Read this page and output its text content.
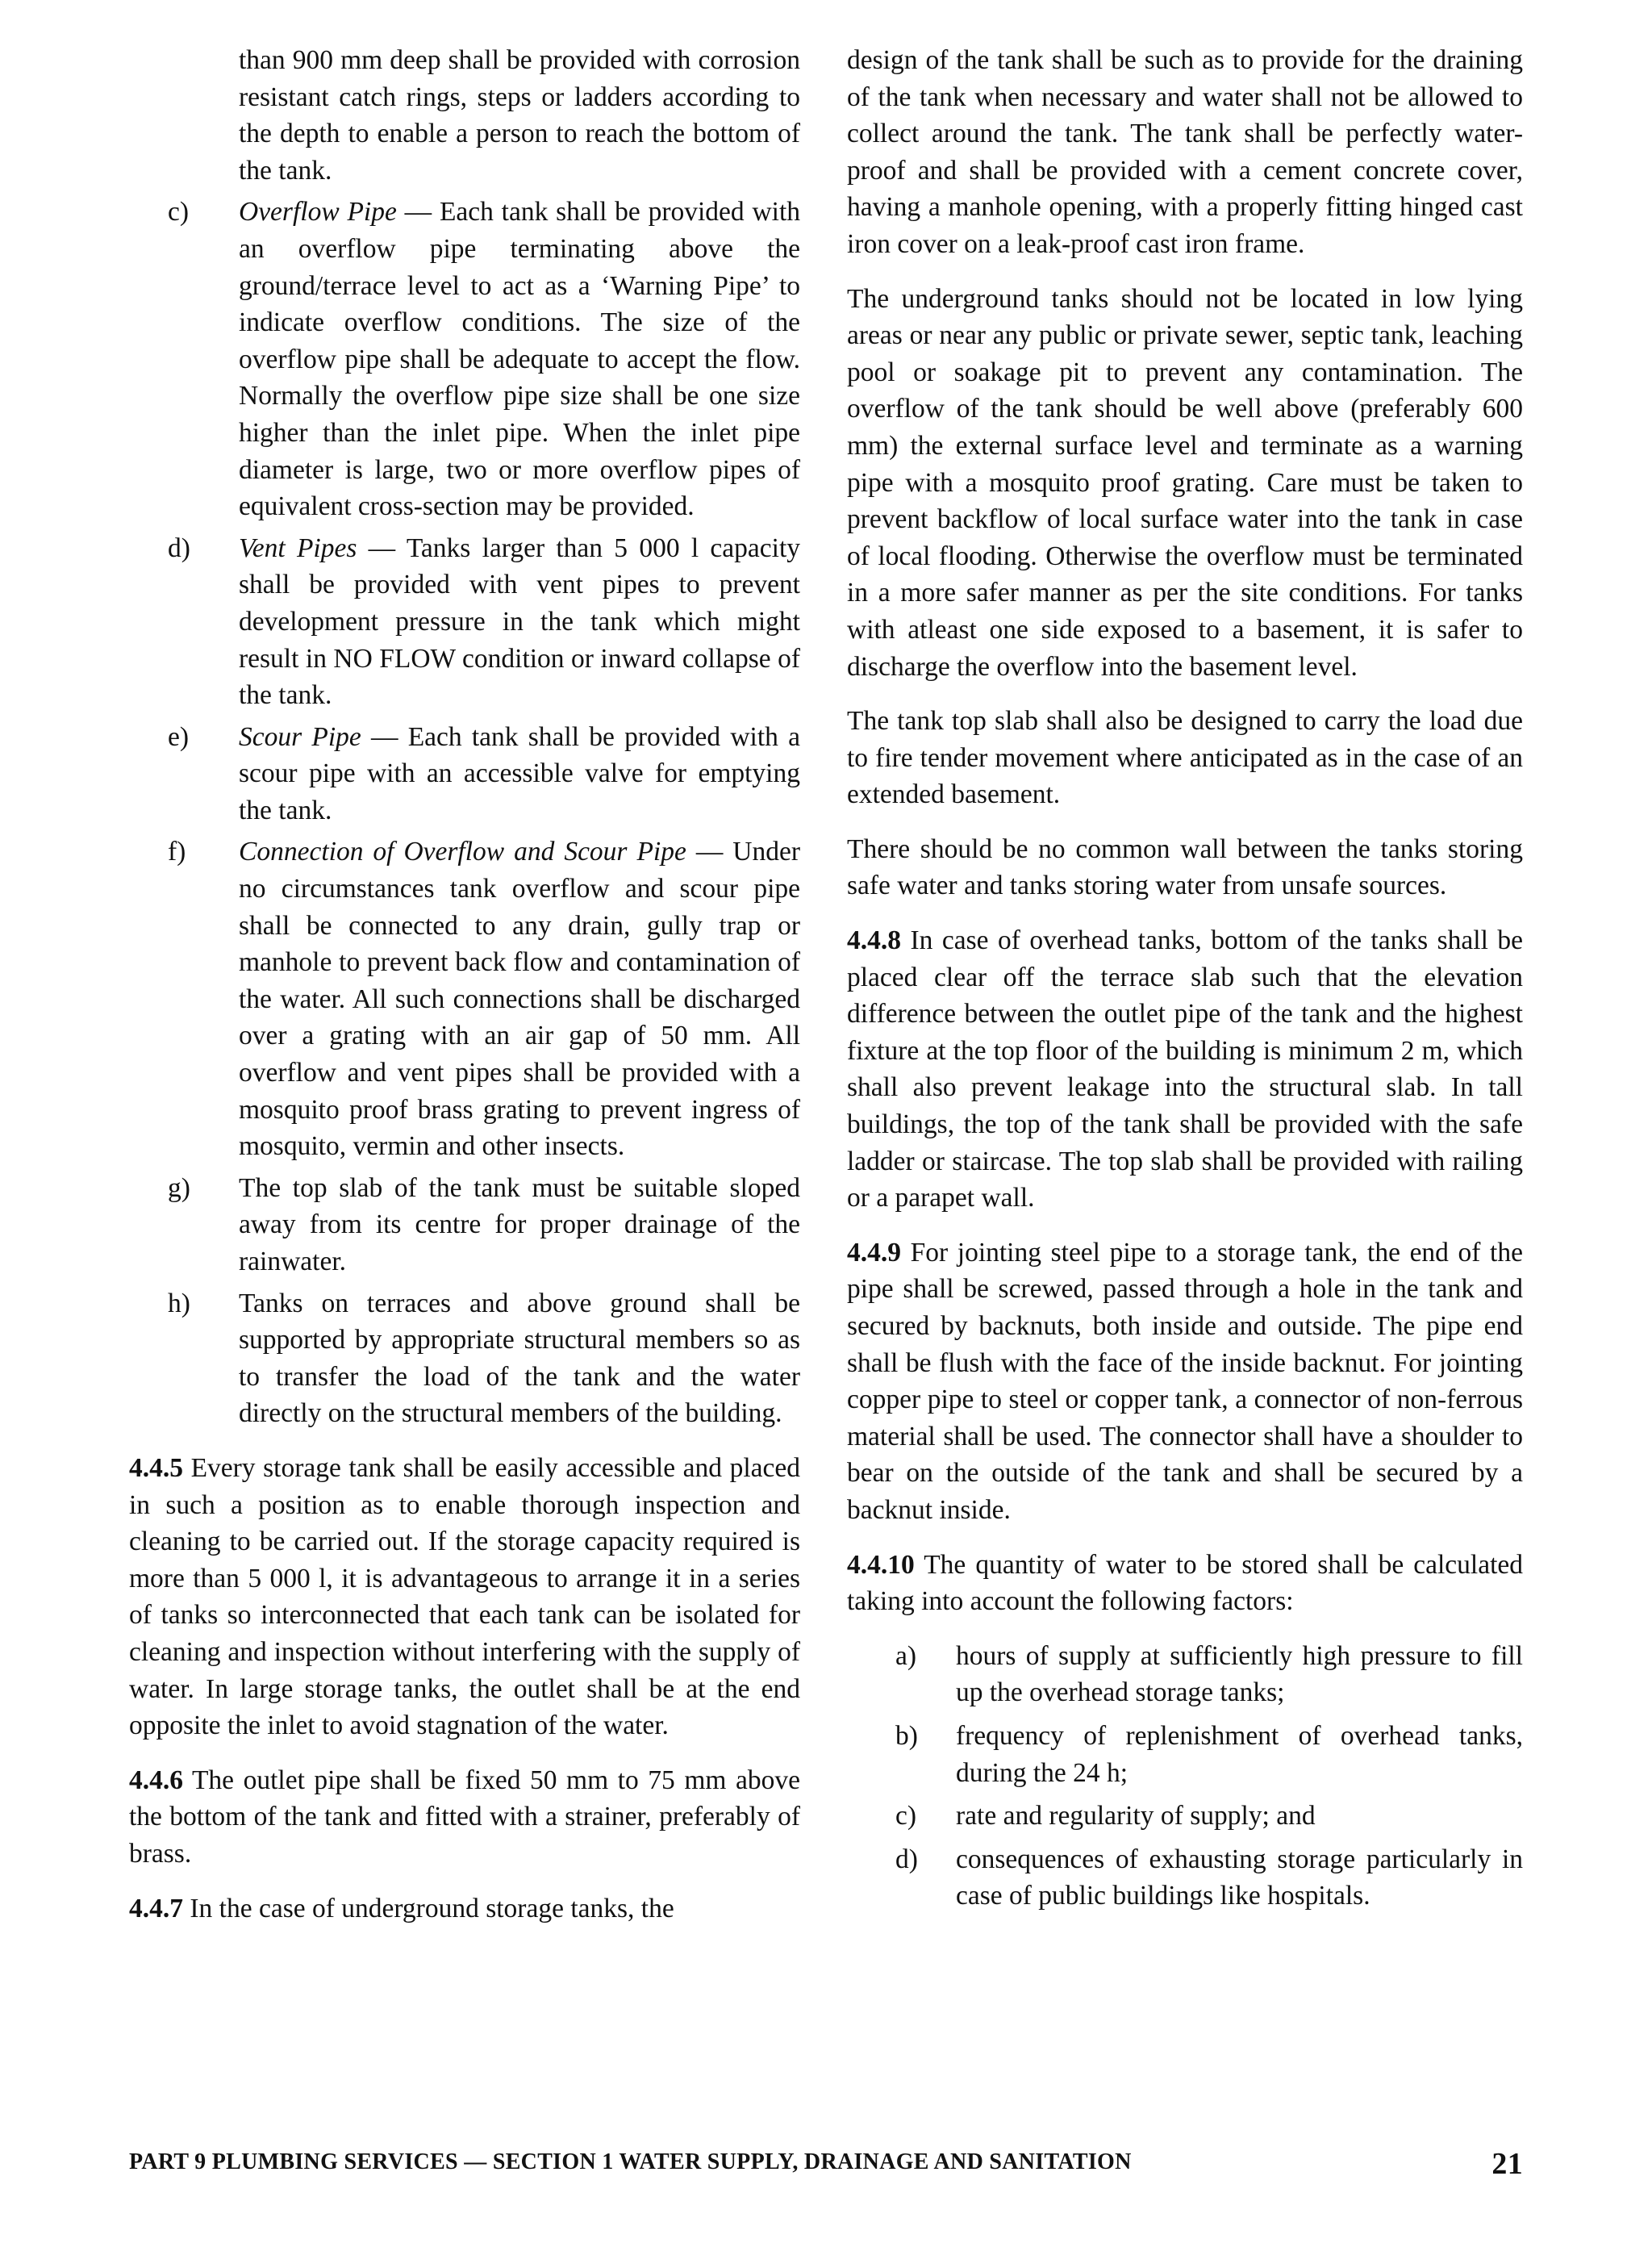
than 900 mm deep shall be provided with corrosion resistant catch rings, steps or ladders according to the depth to enable a person to reach the bottom of the tank.

c) Overflow Pipe — Each tank shall be provided with an overflow pipe terminating above the ground/terrace level to act as a ‘Warning Pipe’ to indicate overflow conditions. The size of the overflow pipe shall be adequate to accept the flow. Normally the overflow pipe size shall be one size higher than the inlet pipe. When the inlet pipe diameter is large, two or more overflow pipes of equivalent cross-section may be provided.

d) Vent Pipes — Tanks larger than 5 000 l capacity shall be provided with vent pipes to prevent development pressure in the tank which might result in NO FLOW condition or inward collapse of the tank.

e) Scour Pipe — Each tank shall be provided with a scour pipe with an accessible valve for emptying the tank.

f) Connection of Overflow and Scour Pipe — Under no circumstances tank overflow and scour pipe shall be connected to any drain, gully trap or manhole to prevent back flow and contamination of the water. All such connections shall be discharged over a grating with an air gap of 50 mm. All overflow and vent pipes shall be provided with a mosquito proof brass grating to prevent ingress of mosquito, vermin and other insects.

g) The top slab of the tank must be suitable sloped away from its centre for proper drainage of the rainwater.

h) Tanks on terraces and above ground shall be supported by appropriate structural members so as to transfer the load of the tank and the water directly on the structural members of the building.

4.4.5 Every storage tank shall be easily accessible and placed in such a position as to enable thorough inspection and cleaning to be carried out. If the storage capacity required is more than 5 000 l, it is advantageous to arrange it in a series of tanks so interconnected that each tank can be isolated for cleaning and inspection without interfering with the supply of water. In large storage tanks, the outlet shall be at the end opposite the inlet to avoid stagnation of the water.

4.4.6 The outlet pipe shall be fixed 50 mm to 75 mm above the bottom of the tank and fitted with a strainer, preferably of brass.

4.4.7 In the case of underground storage tanks, the

design of the tank shall be such as to provide for the draining of the tank when necessary and water shall not be allowed to collect around the tank. The tank shall be perfectly water-proof and shall be provided with a cement concrete cover, having a manhole opening, with a properly fitting hinged cast iron cover on a leak-proof cast iron frame.

The underground tanks should not be located in low lying areas or near any public or private sewer, septic tank, leaching pool or soakage pit to prevent any contamination. The overflow of the tank should be well above (preferably 600 mm) the external surface level and terminate as a warning pipe with a mosquito proof grating. Care must be taken to prevent backflow of local surface water into the tank in case of local flooding. Otherwise the overflow must be terminated in a more safer manner as per the site conditions. For tanks with atleast one side exposed to a basement, it is safer to discharge the overflow into the basement level.

The tank top slab shall also be designed to carry the load due to fire tender movement where anticipated as in the case of an extended basement.

There should be no common wall between the tanks storing safe water and tanks storing water from unsafe sources.

4.4.8 In case of overhead tanks, bottom of the tanks shall be placed clear off the terrace slab such that the elevation difference between the outlet pipe of the tank and the highest fixture at the top floor of the building is minimum 2 m, which shall also prevent leakage into the structural slab. In tall buildings, the top of the tank shall be provided with the safe ladder or staircase. The top slab shall be provided with railing or a parapet wall.

4.4.9 For jointing steel pipe to a storage tank, the end of the pipe shall be screwed, passed through a hole in the tank and secured by backnuts, both inside and outside. The pipe end shall be flush with the face of the inside backnut. For jointing copper pipe to steel or copper tank, a connector of non-ferrous material shall be used. The connector shall have a shoulder to bear on the outside of the tank and shall be secured by a backnut inside.

4.4.10 The quantity of water to be stored shall be calculated taking into account the following factors:

a) hours of supply at sufficiently high pressure to fill up the overhead storage tanks;

b) frequency of replenishment of overhead tanks, during the 24 h;

c) rate and regularity of supply; and

d) consequences of exhausting storage particularly in case of public buildings like hospitals.

PART 9 PLUMBING SERVICES — SECTION 1 WATER SUPPLY, DRAINAGE AND SANITATION	21
